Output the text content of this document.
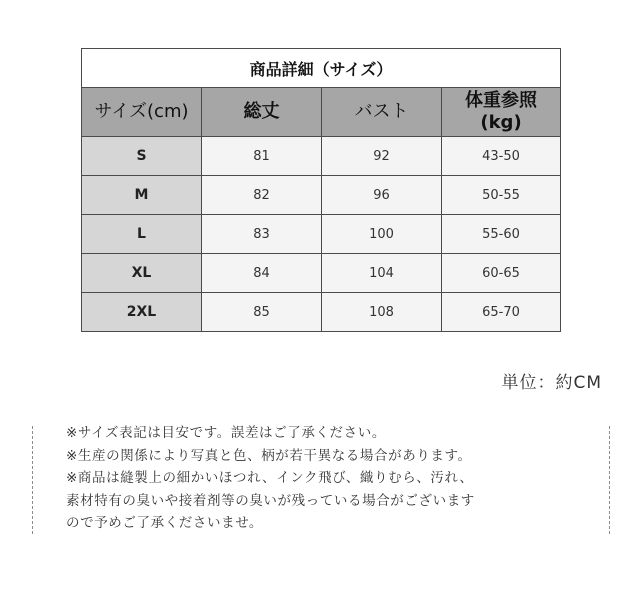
商品詳細（サイズ）			
サイズ(cm)	総丈	バスト	体重参照
(kg)
S	81	92	43-50
M	82	96	50-55
L	83	100	55-60
XL	84	104	60-65
2XL	85	108	65-70
単位：約CM
※サイズ表記は目安です。誤差はご了承ください。
※生産の関係により写真と色、柄が若干異なる場合があります。
※商品は縫製上の細かいほつれ、インク飛び、織りむら、汚れ、
素材特有の臭いや接着剤等の臭いが残っている場合がございます
ので予めご了承くださいませ。
